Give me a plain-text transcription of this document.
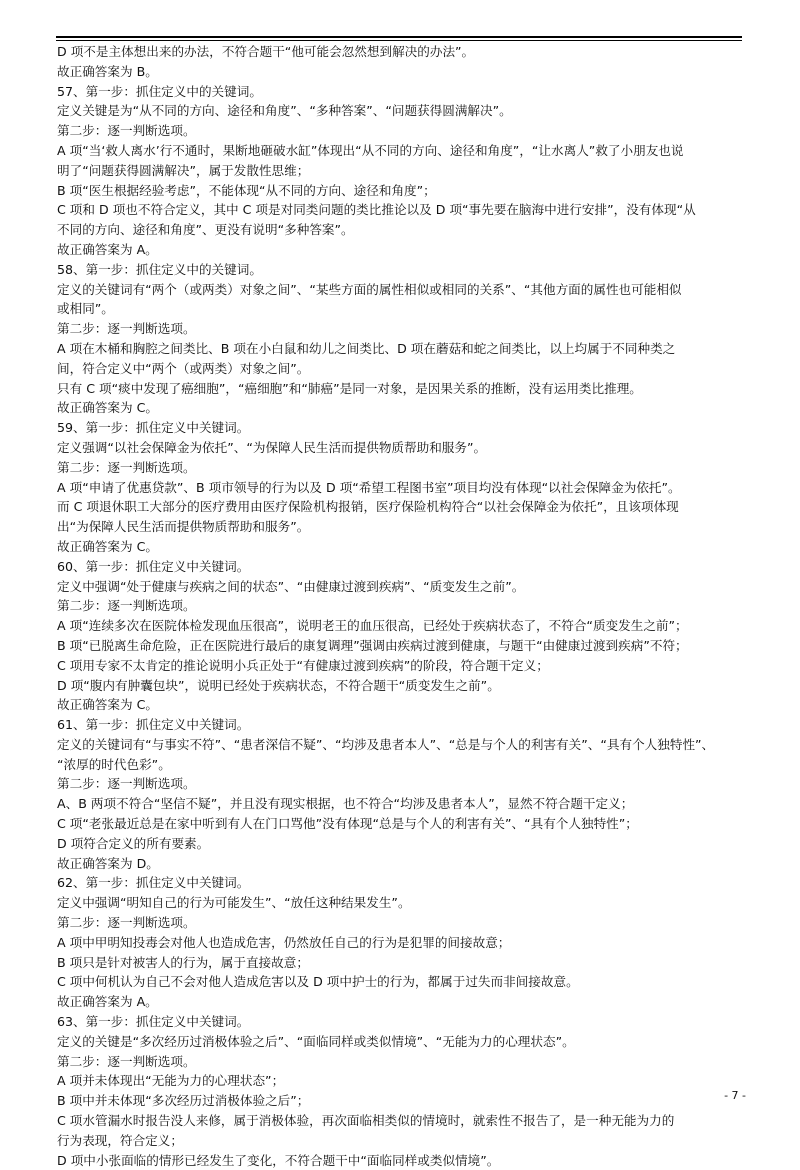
D 项不是主体想出来的办法，不符合题干“他可能会忽然想到解决的办法”。
故正确答案为 B。
57、第一步：抓住定义中的关键词。
定义关键是为“从不同的方向、途径和角度”、“多种答案”、“问题获得圆满解决”。
第二步：逐一判断选项。
A 项“当‘救人离水’行不通时，果断地砸破水缸”体现出“从不同的方向、途径和角度”，“让水离人”救了小朋友也说
明了“问题获得圆满解决”，属于发散性思维；
B 项“医生根据经验考虑”，不能体现“从不同的方向、途径和角度”；
C 项和 D 项也不符合定义，其中 C 项是对同类问题的类比推论以及 D 项“事先要在脑海中进行安排”，没有体现“从
不同的方向、途径和角度”、更没有说明“多种答案”。
故正确答案为 A。
58、第一步：抓住定义中的关键词。
定义的关键词有“两个（或两类）对象之间”、“某些方面的属性相似或相同的关系”、“其他方面的属性也可能相似
或相同”。
第二步：逐一判断选项。
A 项在木桶和胸腔之间类比、B 项在小白鼠和幼儿之间类比、D 项在蘑菇和蛇之间类比，以上均属于不同种类之
间，符合定义中“两个（或两类）对象之间”。
只有 C 项“痰中发现了癌细胞”，“癌细胞”和“肺癌”是同一对象，是因果关系的推断，没有运用类比推理。
故正确答案为 C。
59、第一步：抓住定义中关键词。
定义强调“以社会保障金为依托”、“为保障人民生活而提供物质帮助和服务”。
第二步：逐一判断选项。
A 项“申请了优惠贷款”、B 项市领导的行为以及 D 项“希望工程图书室”项目均没有体现“以社会保障金为依托”。
而 C 项退休职工大部分的医疗费用由医疗保险机构报销，医疗保险机构符合“以社会保障金为依托”，且该项体现
出“为保障人民生活而提供物质帮助和服务”。
故正确答案为 C。
60、第一步：抓住定义中关键词。
定义中强调“处于健康与疾病之间的状态”、“由健康过渡到疾病”、“质变发生之前”。
第二步：逐一判断选项。
A 项“连续多次在医院体检发现血压很高”，说明老王的血压很高，已经处于疾病状态了，不符合“质变发生之前”；
B 项“已脱离生命危险，正在医院进行最后的康复调理”强调由疾病过渡到健康，与题干“由健康过渡到疾病”不符；
C 项用专家不太肯定的推论说明小兵正处于“有健康过渡到疾病”的阶段，符合题干定义；
D 项“腹内有肿囊包块”，说明已经处于疾病状态，不符合题干“质变发生之前”。
故正确答案为 C。
61、第一步：抓住定义中关键词。
定义的关键词有“与事实不符”、“患者深信不疑”、“均涉及患者本人”、“总是与个人的利害有关”、“具有个人独特性”、
“浓厚的时代色彩”。
第二步：逐一判断选项。
A、B 两项不符合“坚信不疑”，并且没有现实根据，也不符合“均涉及患者本人”，显然不符合题干定义；
C 项“老张最近总是在家中听到有人在门口骂他”没有体现“总是与个人的利害有关”、“具有个人独特性”；
D 项符合定义的所有要素。
故正确答案为 D。
62、第一步：抓住定义中关键词。
定义中强调“明知自己的行为可能发生”、“放任这种结果发生”。
第二步：逐一判断选项。
A 项中甲明知投毒会对他人也造成危害，仍然放任自己的行为是犯罪的间接故意；
B 项只是针对被害人的行为，属于直接故意；
C 项中何机认为自己不会对他人造成危害以及 D 项中护士的行为，都属于过失而非间接故意。
故正确答案为 A。
63、第一步：抓住定义中关键词。
定义的关键是“多次经历过消极体验之后”、“面临同样或类似情境”、“无能为力的心理状态”。
第二步：逐一判断选项。
A 项并未体现出“无能为力的心理状态”；
B 项中并未体现“多次经历过消极体验之后”；
C 项水管漏水时报告没人来修，属于消极体验，再次面临相类似的情境时，就索性不报告了，是一种无能为力的
行为表现，符合定义；
D 项中小张面临的情形已经发生了变化，不符合题干中“面临同样或类似情境”。
- 7 -
